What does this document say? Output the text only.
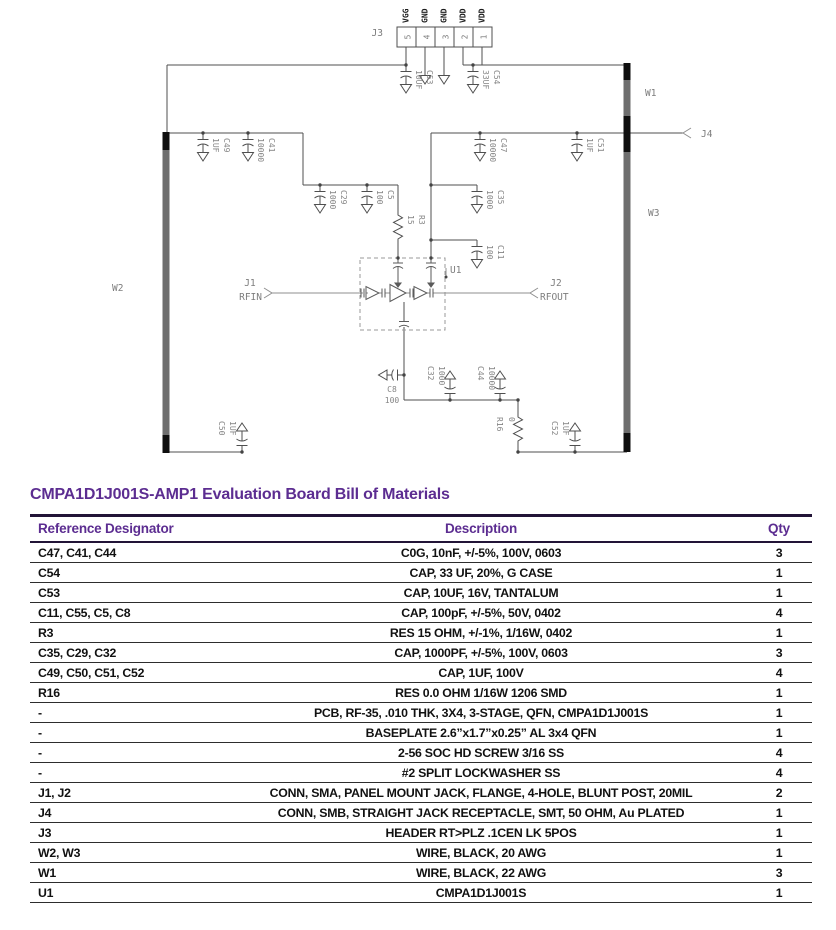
VGG GND GND VDD VDD
5 4 3 2 1
J3
W1
J4
W3
W2
U1
J1
RFIN
J2
RFOUT
10UF C53	33UF C54
1UF C49	10000 C41
1000 C29	100 C5
15 R3
10000 C47	1UF C51
1000 C35
100 C11
C8
100
C32 1000	C44 10000
R16 0
C50 1UF	C52 1UF
CMPA1D1J001S-AMP1 Evaluation Board Bill of Materials
Reference Designator	Description	Qty
C47, C41, C44	C0G, 10nF, +/-5%, 100V, 0603	3
C54	CAP, 33 UF, 20%, G CASE	1
C53	CAP, 10UF, 16V, TANTALUM	1
C11, C55, C5, C8	CAP, 100pF, +/-5%, 50V, 0402	4
R3	RES 15 OHM, +/-1%, 1/16W, 0402	1
C35, C29, C32	CAP, 1000PF, +/-5%, 100V, 0603	3
C49, C50, C51, C52	CAP, 1UF, 100V	4
R16	RES 0.0 OHM 1/16W 1206 SMD	1
-	PCB, RF-35, .010 THK, 3X4, 3-STAGE, QFN, CMPA1D1J001S	1
-	BASEPLATE 2.6”x1.7”x0.25” AL 3x4 QFN	1
-	2-56 SOC HD SCREW 3/16 SS	4
-	#2 SPLIT LOCKWASHER SS	4
J1, J2	CONN, SMA, PANEL MOUNT JACK, FLANGE, 4-HOLE, BLUNT POST, 20MIL	2
J4	CONN, SMB, STRAIGHT JACK RECEPTACLE, SMT, 50 OHM, Au PLATED	1
J3	HEADER RT>PLZ .1CEN LK 5POS	1
W2, W3	WIRE, BLACK, 20 AWG	1
W1	WIRE, BLACK, 22 AWG	3
U1	CMPA1D1J001S	1
